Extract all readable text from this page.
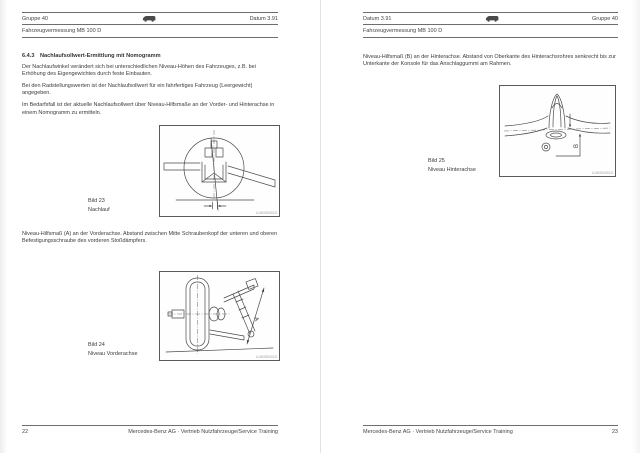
Gruppe 40	Datum 3.91
Fahrzeugvermessung MB 100 D
6.4.3 Nachlaufsollwert-Ermittlung mit Nomogramm

Der Nachlaufwinkel verändert sich bei unterschiedlichen Niveau-Höhen des Fahrzeuges, z.B. bei Erhöhung des Eigengewichtes durch feste Einbauten.

Bei den Radstellungswerten ist der Nachlaufsollwert für ein fahrfertiges Fahrzeug (Leergewicht) angegeben.

Im Bedarfsfall ist der aktuelle Nachlaufsollwert über Niveau-Hilfsmaße an der Vorder- und Hinterachse in einem Nomogramm zu ermitteln.

Bild 23
Nachlauf	4-40/0023/13

Niveau-Hilfsmaß (A) an der Vorderachse. Abstand zwischen Mitte Schraubenkopf der unteren und oberen Befestigungsschraube des vorderen Stoßdämpfers.

Bild 24
Niveau Vorderachse
A
4-40/0024/13
22	Mercedes-Benz AG · Vertrieb Nutzfahrzeuge/Service Training
Datum 3.91	Gruppe 40
Fahrzeugvermessung MB 100 D

Niveau-Hilfsmaß (B) an der Hinterachse. Abstand von Oberkante des Hinterachsrohres senkrecht bis zur Unterkante der Konsole für das Anschlaggummi am Rahmen.

Bild 25
Niveau Hinterachse
B
4-40/0025/13
Mercedes-Benz AG · Vertrieb Nutzfahrzeuge/Service Training	23
